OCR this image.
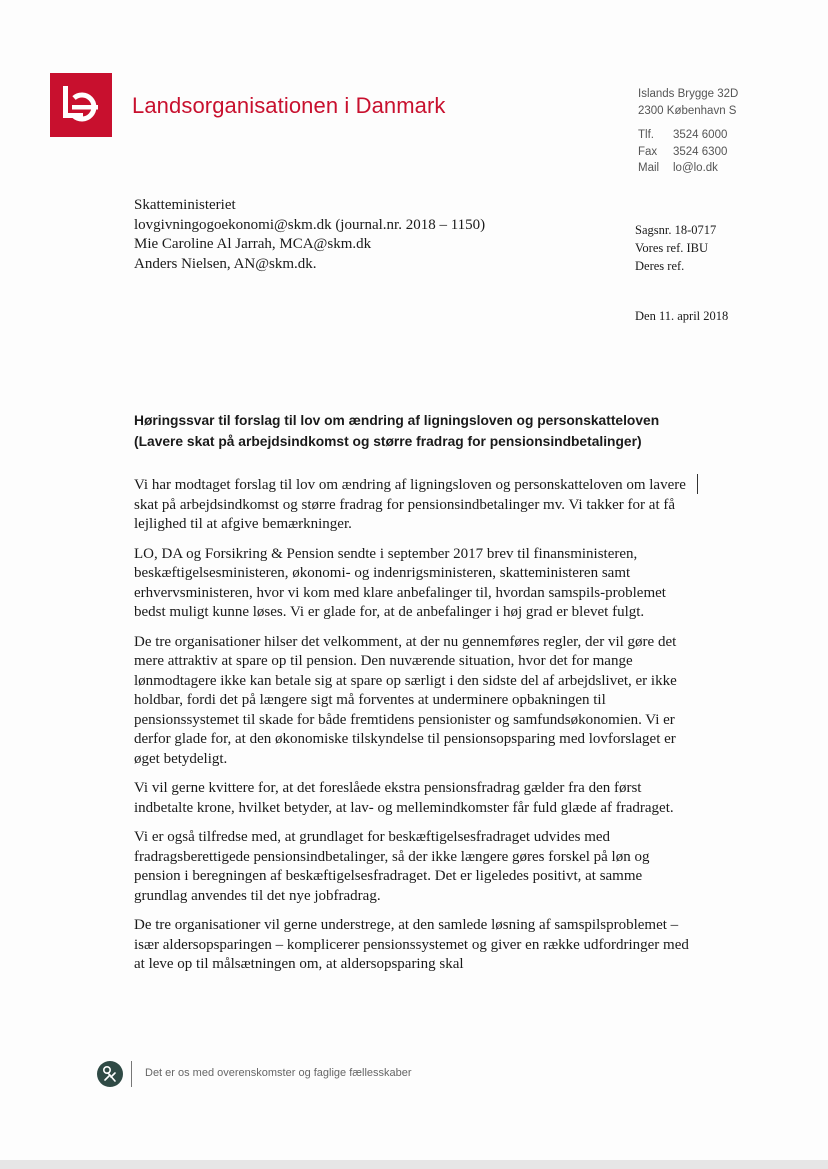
Landsorganisationen i Danmark	Islands Brygge 32D
2300 København S
Tlf. 3524 6000
Fax 3524 6300
Mail lo@lo.dk
Skatteministeriet
lovgivningogoekonomi@skm.dk (journal.nr. 2018 – 1150)
Mie Caroline Al Jarrah, MCA@skm.dk
Anders Nielsen, AN@skm.dk.
Sagsnr. 18-0717
Vores ref. IBU
Deres ref.
Den 11. april 2018
Høringssvar til forslag til lov om ændring af ligningsloven og personskatteloven (Lavere skat på arbejdsindkomst og større fradrag for pensionsindbetalinger)

Vi har modtaget forslag til lov om ændring af ligningsloven og personskatteloven om lavere skat på arbejdsindkomst og større fradrag for pensionsindbetalinger mv. Vi takker for at få lejlighed til at afgive bemærkninger.

LO, DA og Forsikring & Pension sendte i september 2017 brev til finansministeren, beskæftigelsesministeren, økonomi- og indenrigsministeren, skatteministeren samt erhvervsministeren, hvor vi kom med klare anbefalinger til, hvordan samspils-problemet bedst muligt kunne løses. Vi er glade for, at de anbefalinger i høj grad er blevet fulgt.

De tre organisationer hilser det velkomment, at der nu gennemføres regler, der vil gøre det mere attraktiv at spare op til pension. Den nuværende situation, hvor det for mange lønmodtagere ikke kan betale sig at spare op særligt i den sidste del af arbejdslivet, er ikke holdbar, fordi det på længere sigt må forventes at underminere opbakningen til pensionssystemet til skade for både fremtidens pensionister og samfundsøkonomien. Vi er derfor glade for, at den økonomiske tilskyndelse til pensionsopsparing med lovforslaget er øget betydeligt.

Vi vil gerne kvittere for, at det foreslåede ekstra pensionsfradrag gælder fra den først indbetalte krone, hvilket betyder, at lav- og mellemindkomster får fuld glæde af fradraget.

Vi er også tilfredse med, at grundlaget for beskæftigelsesfradraget udvides med fradragsberettigede pensionsindbetalinger, så der ikke længere gøres forskel på løn og pension i beregningen af beskæftigelsesfradraget. Det er ligeledes positivt, at samme grundlag anvendes til det nye jobfradrag.

De tre organisationer vil gerne understrege, at den samlede løsning af samspilsproblemet – især aldersopsparingen – komplicerer pensionssystemet og giver en række udfordringer med at leve op til målsætningen om, at aldersopsparing skal

Det er os med overenskomster og faglige fællesskaber
